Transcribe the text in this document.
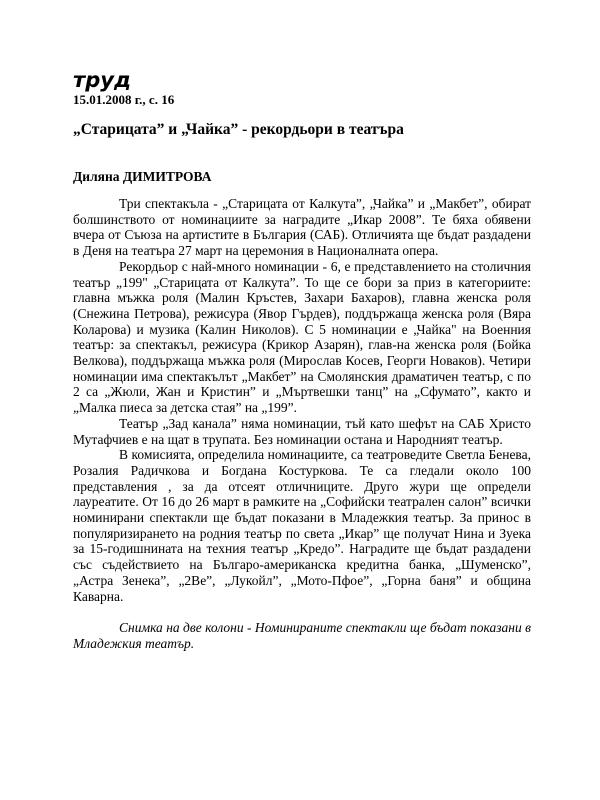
труд
15.01.2008 г., с. 16
„Старицата” и „Чайка” - рекордьори в театъра
Диляна ДИМИТРОВА

Три спектакъла - „Старицата от Калкута”, „Чайка” и „Макбет”, обират болшинството от номинациите за наградите „Икар 2008”. Те бяха обявени вчера от Съюза на артистите в България (САБ). Отличията ще бъдат раздадени в Деня на театъра 27 март на церемония в Националната опера.

Рекордьор с най-много номинации - 6, е представлението на столичния театър „199" „Старицата от Калкута”. То ще се бори за приз в категориите: главна мъжка роля (Малин Кръстев, Захари Бахаров), главна женска роля (Снежина Петрова), режисура (Явор Гърдев), поддържаща женска роля (Вяра Коларова) и музика (Калин Николов). С 5 номинации е „Чайка" на Военния театър: за спектакъл, режисура (Крикор Азарян), глав-на женска роля (Бойка Велкова), поддържаща мъжка роля (Мирослав Косев, Георги Новаков). Четири номинации има спектакълът „Макбет” на Смолянския драматичен театър, с по 2 са „Жюли, Жан и Кристин” и „Мъртвешки танц” на „Сфумато”, както и „Малка пиеса за детска стая” на „199”.

Театър „Зад канала” няма номинации, тъй като шефът на САБ Христо Мутафчиев е на щат в трупата. Без номинации остана и Народният театър.

В комисията, определила номинациите, са театроведите Светла Бенева, Розалия Радичкова и Богдана Костуркова. Те са гледали около 100 представления , за да отсеят отличниците. Друго жури ще определи лауреатите. От 16 до 26 март в рамките на „Софийски театрален салон” всички номинирани спектакли ще бъдат показани в Младежкия театър. За принос в популяризирането на родния театър по света „Икар” ще получат Нина и Зуека за 15-годишнината на техния театър „Кредо”. Наградите ще бъдат раздадени със съдействието на Българо-американска кредитна банка, „Шуменско”, „Астра Зенека”, „2Ве”, „Лукойл”, „Мото-Пфое”, „Горна баня” и община Каварна.

Снимка на две колони - Номинираните спектакли ще бъдат показани в Младежкия театър.
